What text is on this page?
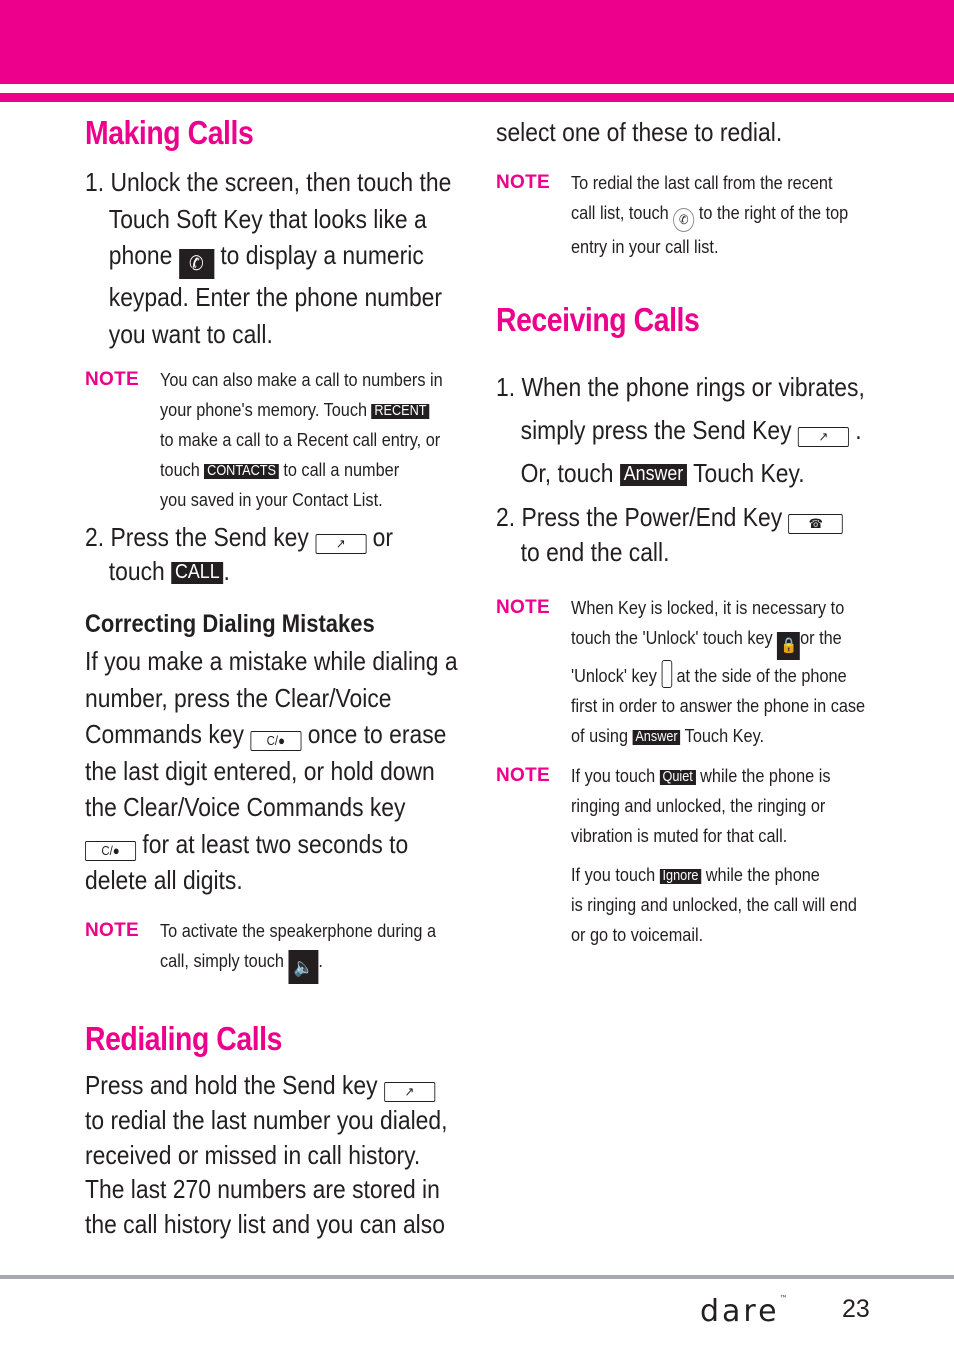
Making Calls
1. Unlock the screen, then touch the
Touch Soft Key that looks like a
phone ✆ to display a numeric
keypad. Enter the phone number
you want to call.
NOTE You can also make a call to numbers in
your phone's memory. Touch RECENT
to make a call to a Recent call entry, or
touch CONTACTS to call a number
you saved in your Contact List.
2. Press the Send key ↗ or
touch CALL .
Correcting Dialing Mistakes
If you make a mistake while dialing a
number, press the Clear/Voice
Commands key C/● once to erase
the last digit entered, or hold down
the Clear/Voice Commands key
C/● for at least two seconds to
delete all digits.
NOTE To activate the speakerphone during a
call, simply touch 🔈 .
Redialing Calls
Press and hold the Send key ↗
to redial the last number you dialed,
received or missed in call history.
The last 270 numbers are stored in
the call history list and you can also
select one of these to redial.
NOTE To redial the last call from the recent
call list, touch ✆ to the right of the top
entry in your call list.
Receiving Calls
1. When the phone rings or vibrates,
simply press the Send Key ↗ .
Or, touch Answer Touch Key.
2. Press the Power/End Key ☎
to end the call.
NOTE When Key is locked, it is necessary to
touch the 'Unlock' touch key 🔒 or the
'Unlock' key at the side of the phone
first in order to answer the phone in case
of using Answer Touch Key.
NOTE If you touch Quiet while the phone is
ringing and unlocked, the ringing or
vibration is muted for that call.
If you touch Ignore while the phone
is ringing and unlocked, the call will end
or go to voicemail.
dare™ 23
